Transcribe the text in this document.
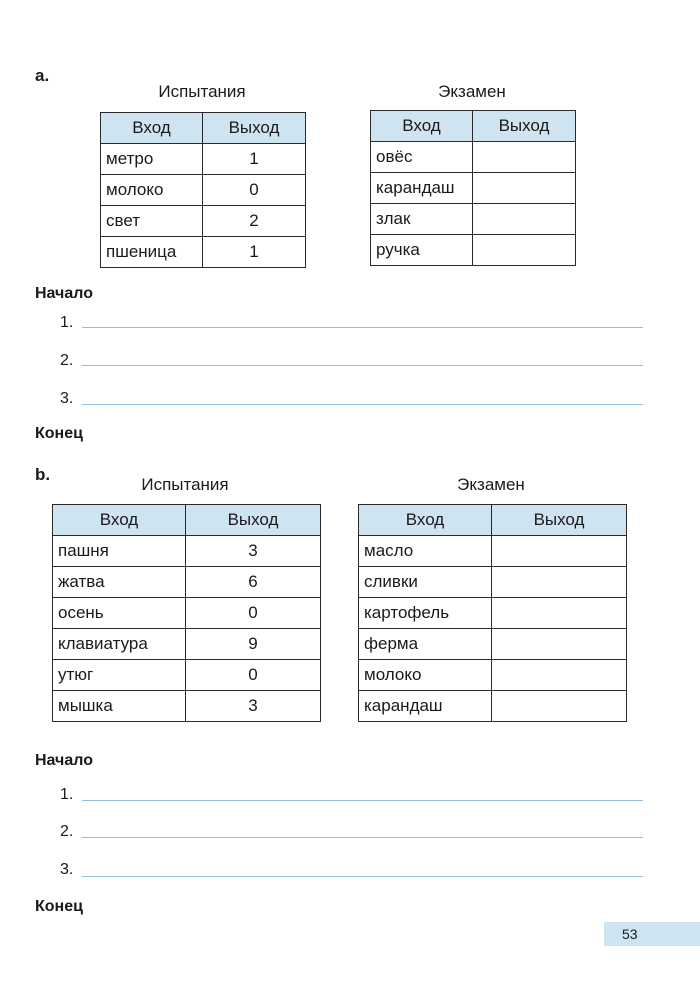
a.
Испытания
Вход	Выход
метро	1
молоко	0
свет	2
пшеница	1
Экзамен
Вход	Выход
овёс	
карандаш	
злак	
ручка	
Начало
1.
2.
3.
Конец
b.
Испытания
Вход	Выход
пашня	3
жатва	6
осень	0
клавиатура	9
утюг	0
мышка	3
Экзамен
Вход	Выход
масло	
сливки	
картофель	
ферма	
молоко	
карандаш	
Начало
1.
2.
3.
Конец
53
